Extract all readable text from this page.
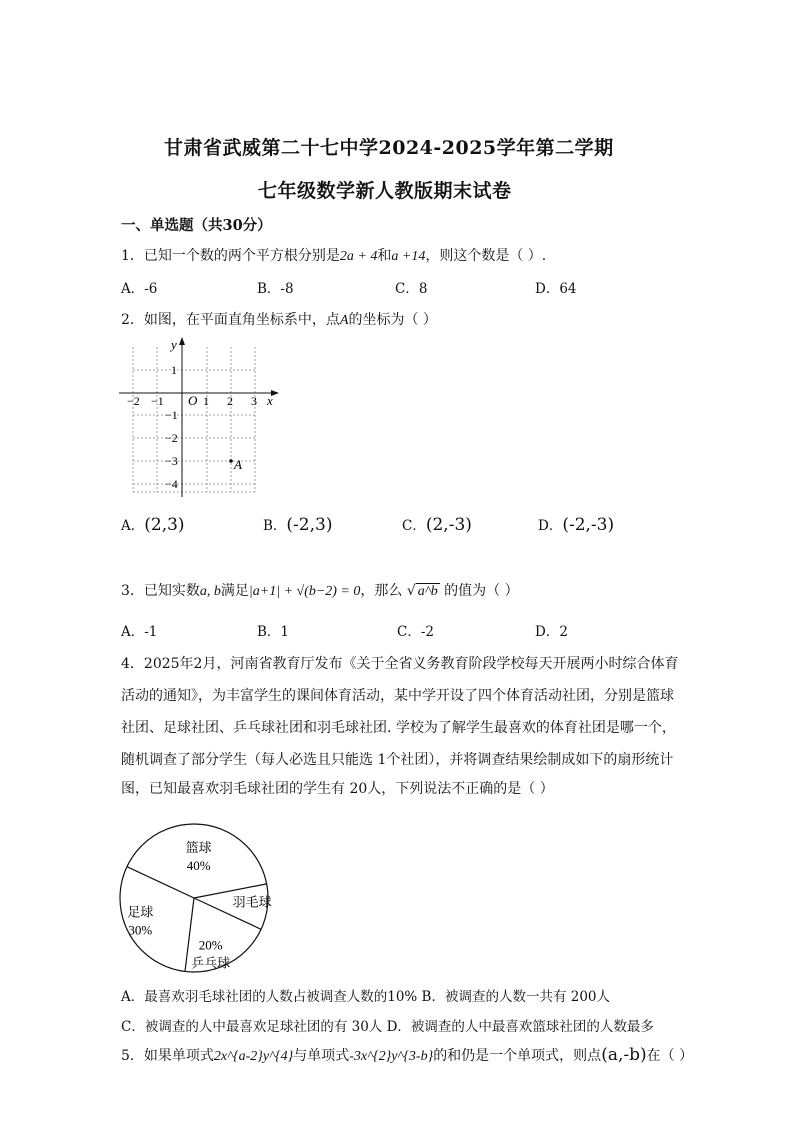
甘肃省武威第二十七中学2024-2025学年第二学期
七年级数学新人教版期末试卷
一、单选题（共30分）
1．已知一个数的两个平方根分别是2a + 4和a +14，则这个数是（ ）.
A．-6	B．-8	C．8	D．64
2．如图，在平面直角坐标系中，点A的坐标为（ ）
x
y
O
−2 −1	1 2 3
1
−1
−2
−3
−4
A
A．(2,3)	B．(-2,3)	C．(2,-3)	D．(-2,-3)
3．已知实数a, b满足|a+1| + √(b−2) = 0，那么 √ a^b 的值为（ ）
A．-1	B．1	C．-2	D．2
4．2025年2月，河南省教育厅发布《关于全省义务教育阶段学校每天开展两小时综合体育
活动的通知》，为丰富学生的课间体育活动，某中学开设了四个体育活动社团，分别是篮球
社团、足球社团、乒乓球社团和羽毛球社团. 学校为了解学生最喜欢的体育社团是哪一个，
随机调查了部分学生（每人必选且只能选 1个社团），并将调查结果绘制成如下的扇形统计
图，已知最喜欢羽毛球社团的学生有 20人，下列说法不正确的是（ ）
篮球
40%
羽毛球
乒乓球
20%
足球
30%
A．最喜欢羽毛球社团的人数占被调查人数的10% B．被调查的人数一共有 200人
C．被调查的人中最喜欢足球社团的有 30人 D．被调查的人中最喜欢篮球社团的人数最多
5．如果单项式2x^{a-2}y^{4}与单项式-3x^{2}y^{3-b}的和仍是一个单项式，则点(a,-b)在（ ）
